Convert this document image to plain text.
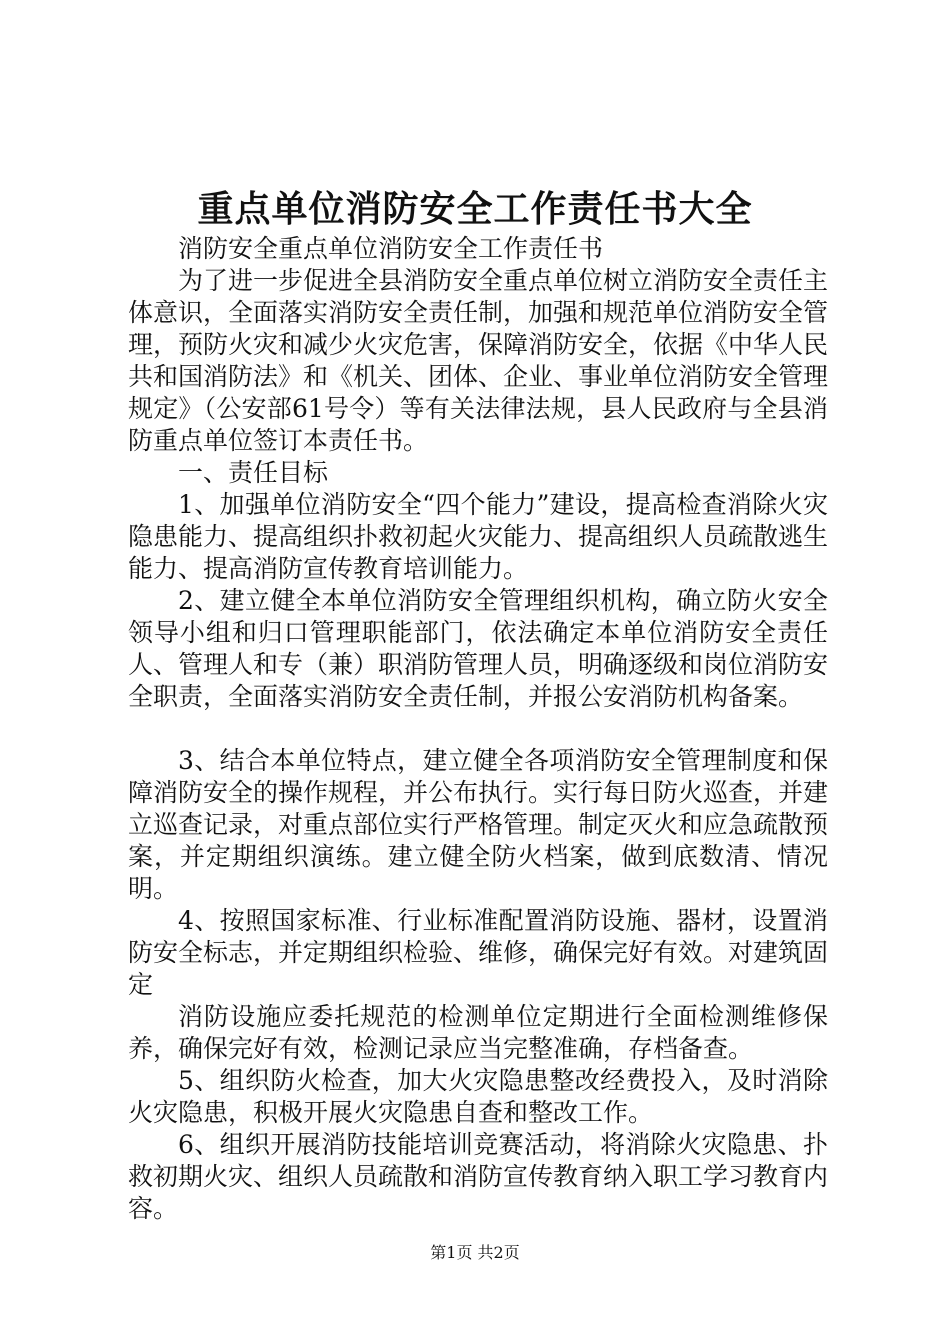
重点单位消防安全工作责任书大全

消防安全重点单位消防安全工作责任书

为了进一步促进全县消防安全重点单位树立消防安全责任主体意识，全面落实消防安全责任制，加强和规范单位消防安全管理，预防火灾和减少火灾危害，保障消防安全，依据《中华人民共和国消防法》和《机关、团体、企业、事业单位消防安全管理规定》（公安部61号令）等有关法律法规，县人民政府与全县消防重点单位签订本责任书。

一、责任目标

1、加强单位消防安全“四个能力”建设，提高检查消除火灾隐患能力、提高组织扑救初起火灾能力、提高组织人员疏散逃生能力、提高消防宣传教育培训能力。

2、建立健全本单位消防安全管理组织机构，确立防火安全领导小组和归口管理职能部门，依法确定本单位消防安全责任人、管理人和专（兼）职消防管理人员，明确逐级和岗位消防安全职责，全面落实消防安全责任制，并报公安消防机构备案。

3、结合本单位特点，建立健全各项消防安全管理制度和保障消防安全的操作规程，并公布执行。实行每日防火巡查，并建立巡查记录，对重点部位实行严格管理。制定灭火和应急疏散预案，并定期组织演练。建立健全防火档案，做到底数清、情况明。

4、按照国家标准、行业标准配置消防设施、器材，设置消防安全标志，并定期组织检验、维修，确保完好有效。对建筑固定

消防设施应委托规范的检测单位定期进行全面检测维修保养，确保完好有效，检测记录应当完整准确，存档备查。

5、组织防火检查，加大火灾隐患整改经费投入，及时消除火灾隐患，积极开展火灾隐患自查和整改工作。

6、组织开展消防技能培训竞赛活动，将消除火灾隐患、扑救初期火灾、组织人员疏散和消防宣传教育纳入职工学习教育内容。

第1页 共2页
